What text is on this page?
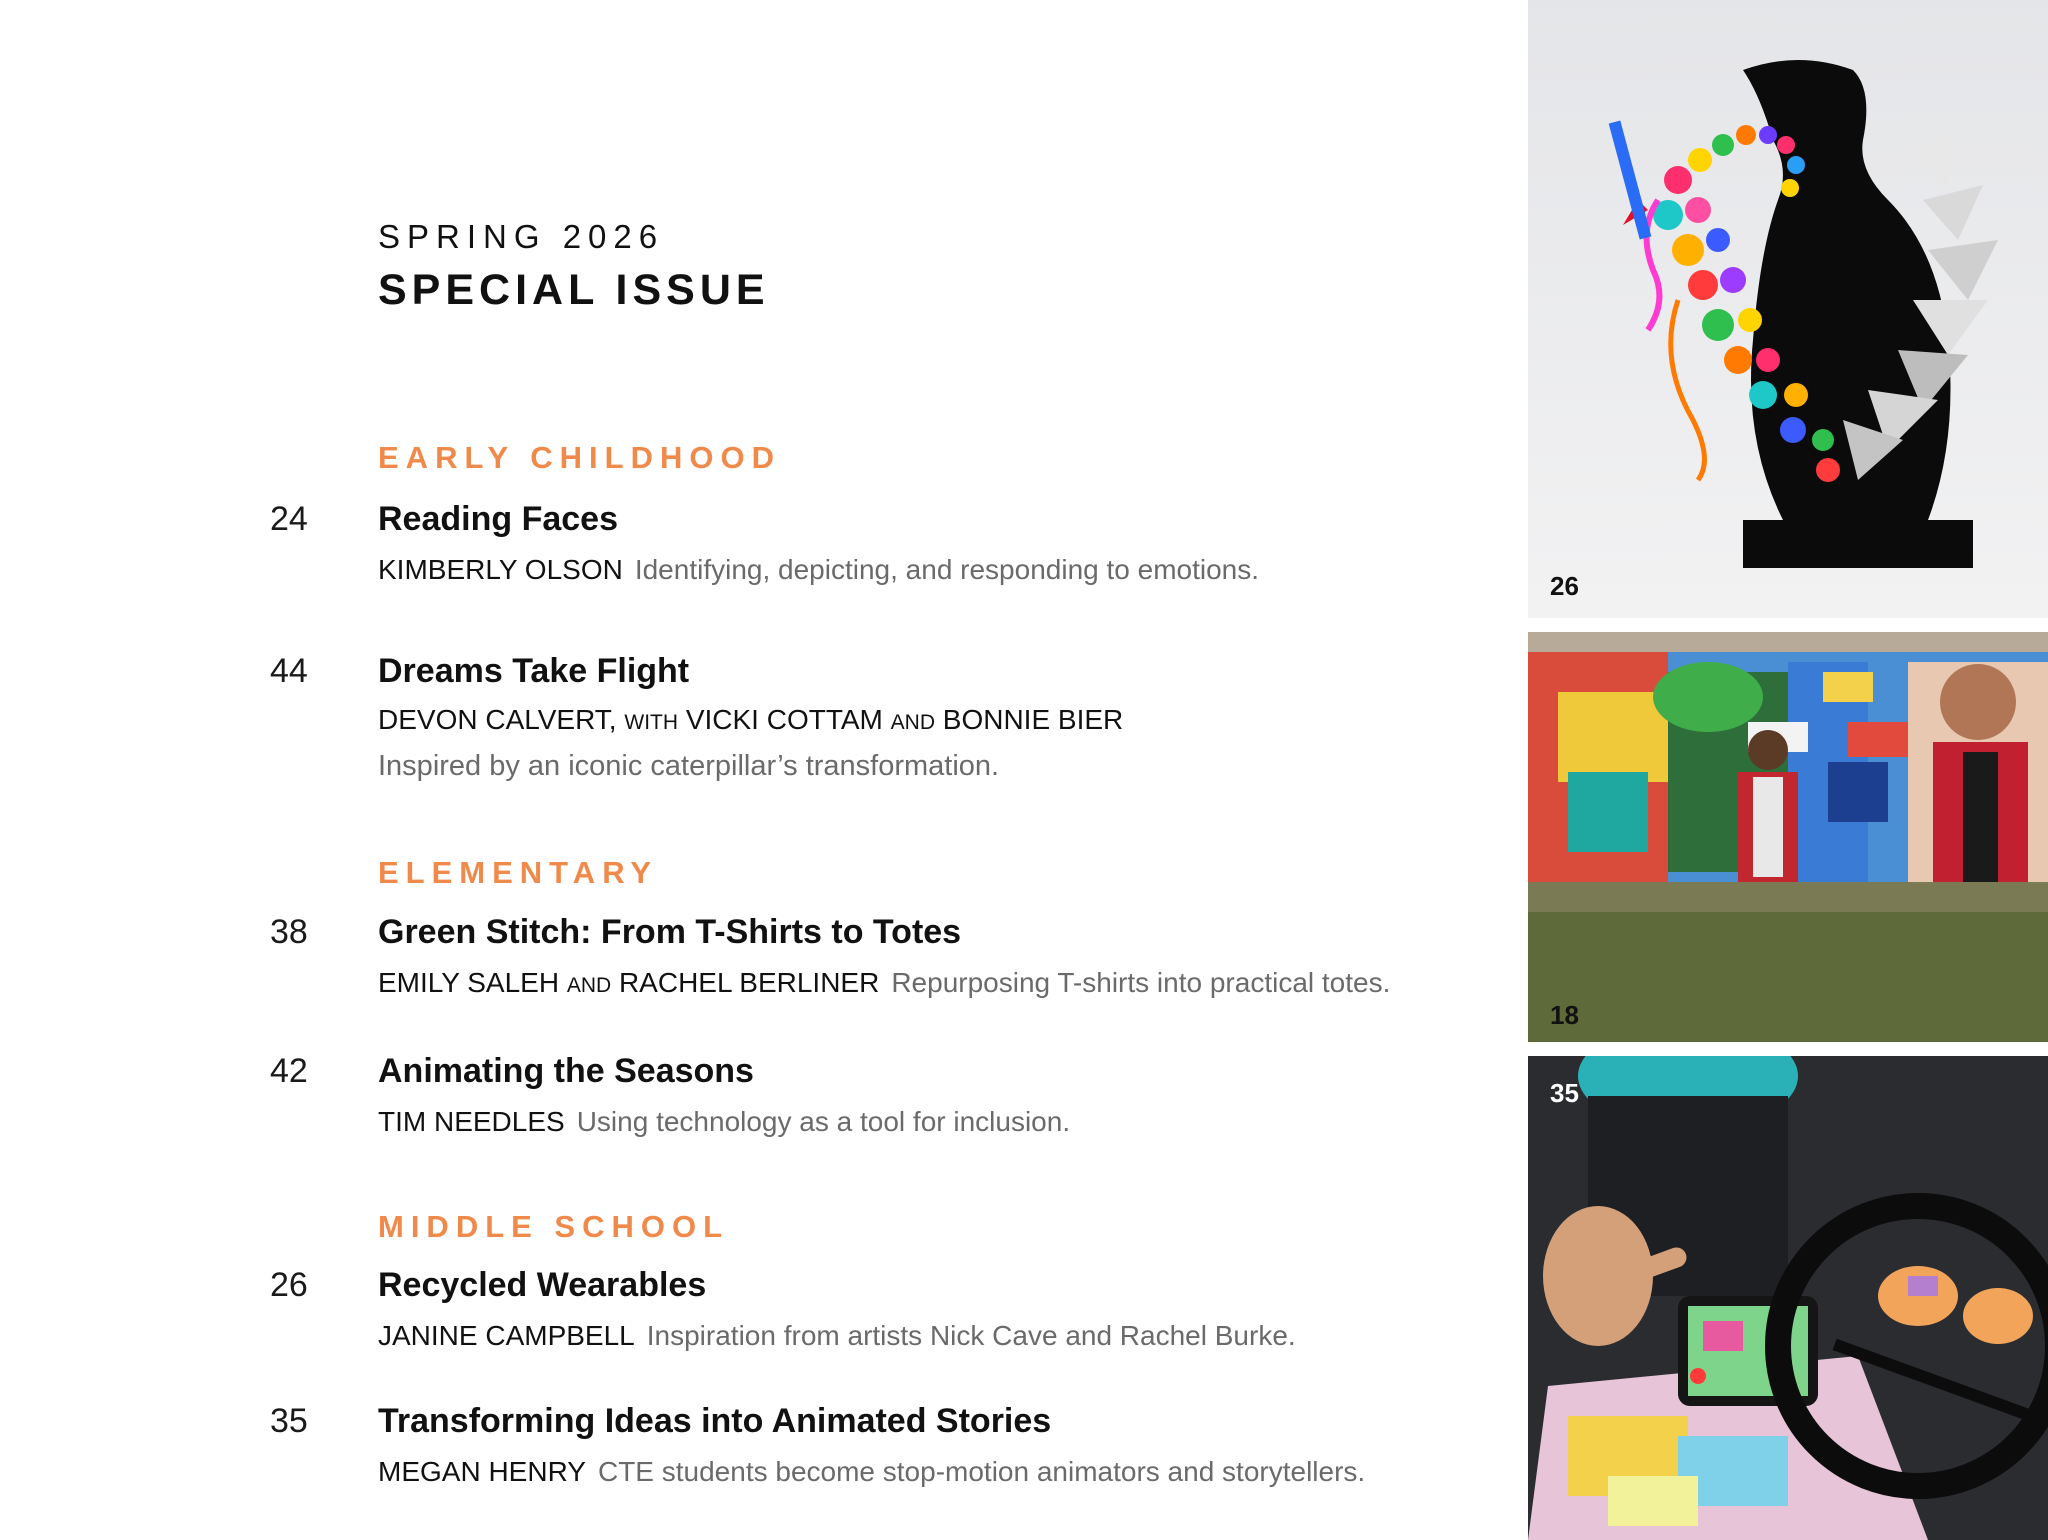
SPRING 2026
SPECIAL ISSUE
EARLY CHILDHOOD
24 Reading Faces
KIMBERLY OLSON Identifying, depicting, and responding to emotions.
44 Dreams Take Flight
DEVON CALVERT, WITH VICKI COTTAM AND BONNIE BIER
Inspired by an iconic caterpillar’s transformation.
ELEMENTARY
38 Green Stitch: From T-Shirts to Totes
EMILY SALEH AND RACHEL BERLINER Repurposing T-shirts into practical totes.
42 Animating the Seasons
TIM NEEDLES Using technology as a tool for inclusion.
MIDDLE SCHOOL
26 Recycled Wearables
JANINE CAMPBELL Inspiration from artists Nick Cave and Rachel Burke.
35 Transforming Ideas into Animated Stories
MEGAN HENRY CTE students become stop-motion animators and storytellers.
26
18
35
